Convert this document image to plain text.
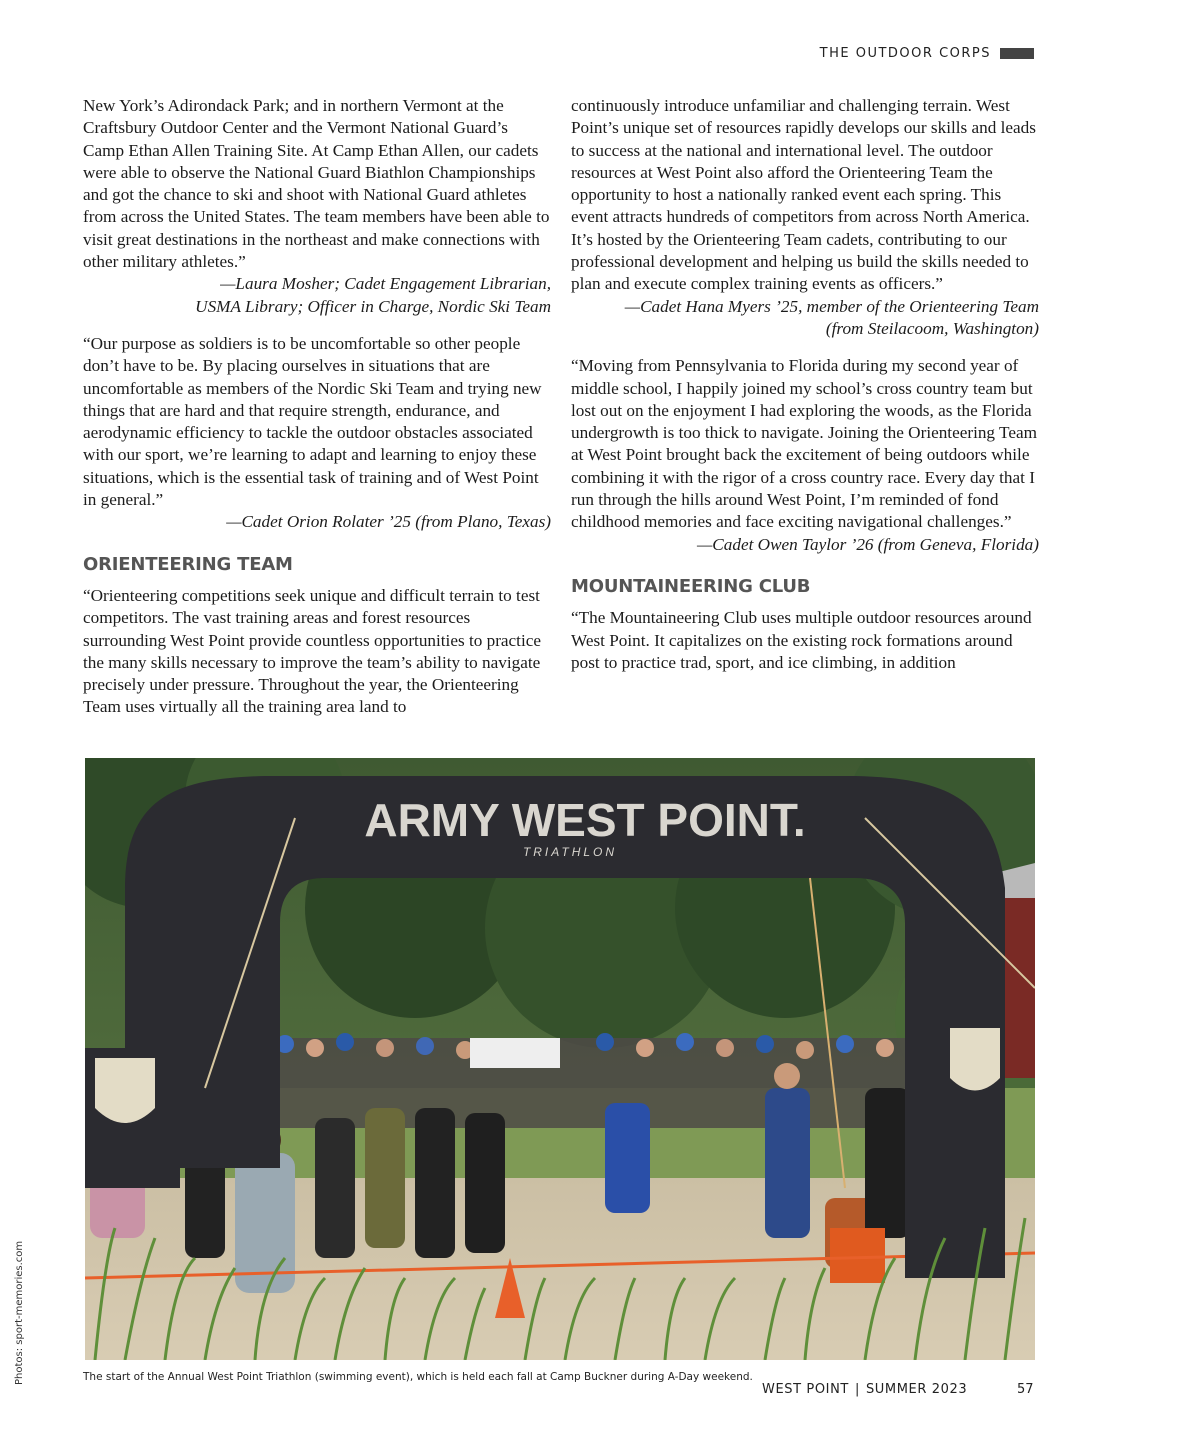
THE OUTDOOR CORPS

New York’s Adirondack Park; and in northern Vermont at the Craftsbury Outdoor Center and the Vermont National Guard’s Camp Ethan Allen Training Site. At Camp Ethan Allen, our cadets were able to observe the National Guard Biathlon Championships and got the chance to ski and shoot with National Guard athletes from across the United States. The team members have been able to visit great destinations in the northeast and make connections with other military athletes.”

—Laura Mosher; Cadet Engagement Librarian,

USMA Library; Officer in Charge, Nordic Ski Team

“Our purpose as soldiers is to be uncomfortable so other people don’t have to be. By placing ourselves in situations that are uncomfortable as members of the Nordic Ski Team and trying new things that are hard and that require strength, endurance, and aerodynamic efficiency to tackle the outdoor obstacles associated with our sport, we’re learning to adapt and learning to enjoy these situations, which is the essential task of training and of West Point in general.”

—Cadet Orion Rolater ’25 (from Plano, Texas)

ORIENTEERING TEAM

“Orienteering competitions seek unique and difficult terrain to test competitors. The vast training areas and forest resources surrounding West Point provide countless opportunities to practice the many skills necessary to improve the team’s ability to navigate precisely under pressure. Throughout the year, the Orienteering Team uses virtually all the training area land to

continuously introduce unfamiliar and challenging terrain. West Point’s unique set of resources rapidly develops our skills and leads to success at the national and international level. The outdoor resources at West Point also afford the Orienteering Team the opportunity to host a nationally ranked event each spring. This event attracts hundreds of competitors from across North America. It’s hosted by the Orienteering Team cadets, contributing to our professional development and helping us build the skills needed to plan and execute complex training events as officers.”

—Cadet Hana Myers ’25, member of the Orienteering Team

(from Steilacoom, Washington)

“Moving from Pennsylvania to Florida during my second year of middle school, I happily joined my school’s cross country team but lost out on the enjoyment I had exploring the woods, as the Florida undergrowth is too thick to navigate. Joining the Orienteering Team at West Point brought back the excitement of being outdoors while combining it with the rigor of a cross country race. Every day that I run through the hills around West Point, I’m reminded of fond childhood memories and face exciting navigational challenges.”

—Cadet Owen Taylor ’26 (from Geneva, Florida)

MOUNTAINEERING CLUB

“The Mountaineering Club uses multiple outdoor resources around West Point. It capitalizes on the existing rock formations around post to practice trad, sport, and ice climbing, in addition

ARMY WEST POINT.
TRIATHLON
The start of the Annual West Point Triathlon (swimming event), which is held each fall at Camp Buckner during A-Day weekend.
Photos: sport-memories.com
WEST POINT | SUMMER 2023	57
